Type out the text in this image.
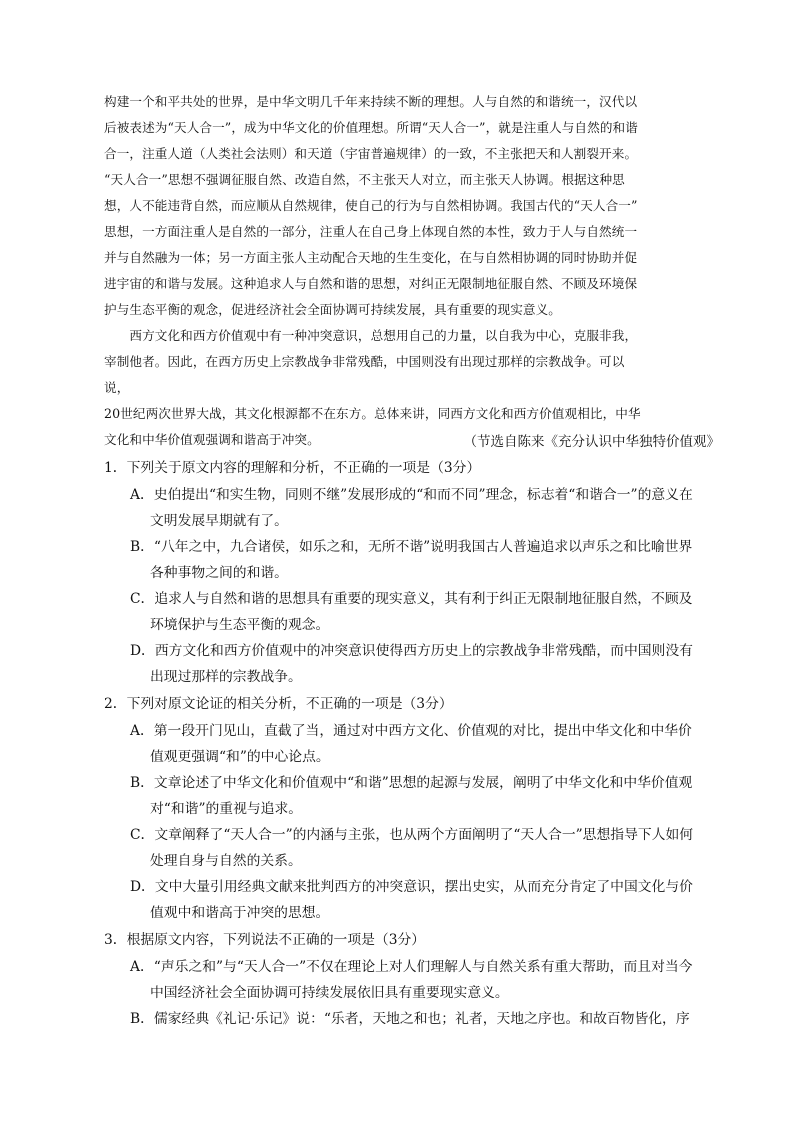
构建一个和平共处的世界，是中华文明几千年来持续不断的理想。人与自然的和谐统一，汉代以
后被表述为“天人合一”，成为中华文化的价值理想。所谓“天人合一”，就是注重人与自然的和谐
合一，注重人道（人类社会法则）和天道（宇宙普遍规律）的一致，不主张把天和人割裂开来。
“天人合一”思想不强调征服自然、改造自然，不主张天人对立，而主张天人协调。根据这种思
想，人不能违背自然，而应顺从自然规律，使自己的行为与自然相协调。我国古代的“天人合一”
思想，一方面注重人是自然的一部分，注重人在自己身上体现自然的本性，致力于人与自然统一
并与自然融为一体；另一方面主张人主动配合天地的生生变化，在与自然相协调的同时协助并促
进宇宙的和谐与发展。这种追求人与自然和谐的思想，对纠正无限制地征服自然、不顾及环境保
护与生态平衡的观念，促进经济社会全面协调可持续发展，具有重要的现实意义。
　　西方文化和西方价值观中有一种冲突意识，总想用自己的力量，以自我为中心，克服非我，
宰制他者。因此，在西方历史上宗教战争非常残酷，中国则没有出现过那样的宗教战争。可以
说，
20世纪两次世界大战，其文化根源都不在东方。总体来讲，同西方文化和西方价值观相比，中华
文化和中华价值观强调和谐高于冲突。	（节选自陈来《充分认识中华独特价值观》
1．下列关于原文内容的理解和分析，不正确的一项是（3分）
A．史伯提出“和实生物，同则不继”发展形成的“和而不同”理念，标志着“和谐合一”的意义在
文明发展早期就有了。
B．“八年之中，九合诸侯，如乐之和，无所不谐”说明我国古人普遍追求以声乐之和比喻世界
各种事物之间的和谐。
C．追求人与自然和谐的思想具有重要的现实意义，其有利于纠正无限制地征服自然，不顾及
环境保护与生态平衡的观念。
D．西方文化和西方价值观中的冲突意识使得西方历史上的宗教战争非常残酷，而中国则没有
出现过那样的宗教战争。
2．下列对原文论证的相关分析，不正确的一项是（3分）
A．第一段开门见山，直截了当，通过对中西方文化、价值观的对比，提出中华文化和中华价
值观更强调“和”的中心论点。
B．文章论述了中华文化和价值观中“和谐”思想的起源与发展，阐明了中华文化和中华价值观
对“和谐”的重视与追求。
C．文章阐释了“天人合一”的内涵与主张，也从两个方面阐明了“天人合一”思想指导下人如何
处理自身与自然的关系。
D．文中大量引用经典文献来批判西方的冲突意识，摆出史实，从而充分肯定了中国文化与价
值观中和谐高于冲突的思想。
3．根据原文内容，下列说法不正确的一项是（3分）
A．“声乐之和”与“天人合一”不仅在理论上对人们理解人与自然关系有重大帮助，而且对当今
中国经济社会全面协调可持续发展依旧具有重要现实意义。
B．儒家经典《礼记·乐记》说：“乐者，天地之和也；礼者，天地之序也。和故百物皆化，序
